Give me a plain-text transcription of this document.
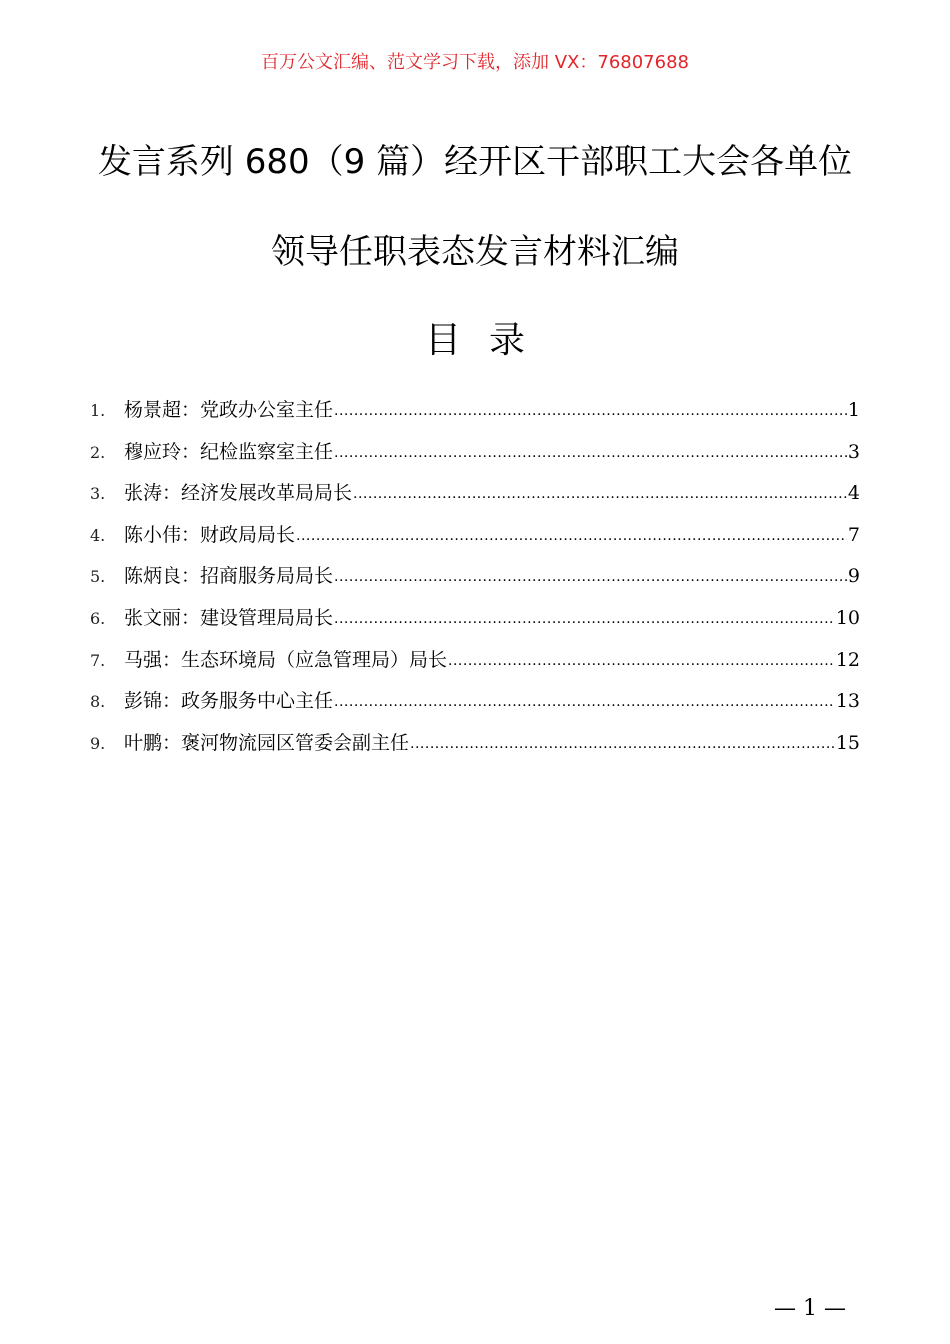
百万公文汇编、范文学习下载，添加 VX：76807688
发言系列 680（9 篇）经开区干部职工大会各单位
领导任职表态发言材料汇编
目录
1. 杨景超：党政办公室主任 .....	1
2. 穆应玲：纪检监察室主任 .....	3
3. 张涛：经济发展改革局局长 .....	4
4. 陈小伟：财政局局长 .....	7
5. 陈炳良：招商服务局局长 .....	9
6. 张文丽：建设管理局局长 .....	10
7. 马强：生态环境局（应急管理局）局长 .....	12
8. 彭锦：政务服务中心主任 .....	13
9. 叶鹏：褒河物流园区管委会副主任 .....	15
— 1 —
